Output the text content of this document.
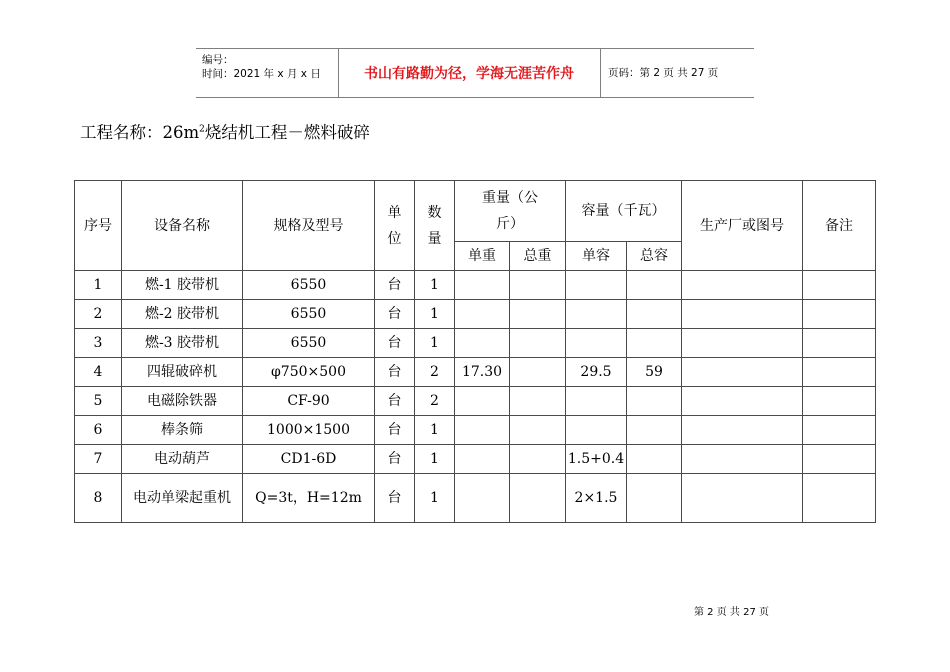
编号：
时间：2021 年 x 月 x 日	书山有路勤为径，学海无涯苦作舟	页码：第 2 页 共 27 页
工程名称：$26m^2$烧结机工程－燃料破碎
序号	设备名称	规格及型号	单位	数量	重量（公
斤）		容量（千瓦）		生产厂或图号	备注
					单重	总重	单容	总容		
1	燃-1 胶带机	6550	台	1						
2	燃-2 胶带机	6550	台	1						
3	燃-3 胶带机	6550	台	1						
4	四辊破碎机	φ750×500	台	2	17.30		29.5	59		
5	电磁除铁器	CF-90	台	2						
6	棒条筛	1000×1500	台	1						
7	电动葫芦	CD1-6D	台	1			1.5+0.4			
8	电动单梁起重机	Q=3t，H=12m	台	1			2×1.5			
第 2 页 共 27 页
